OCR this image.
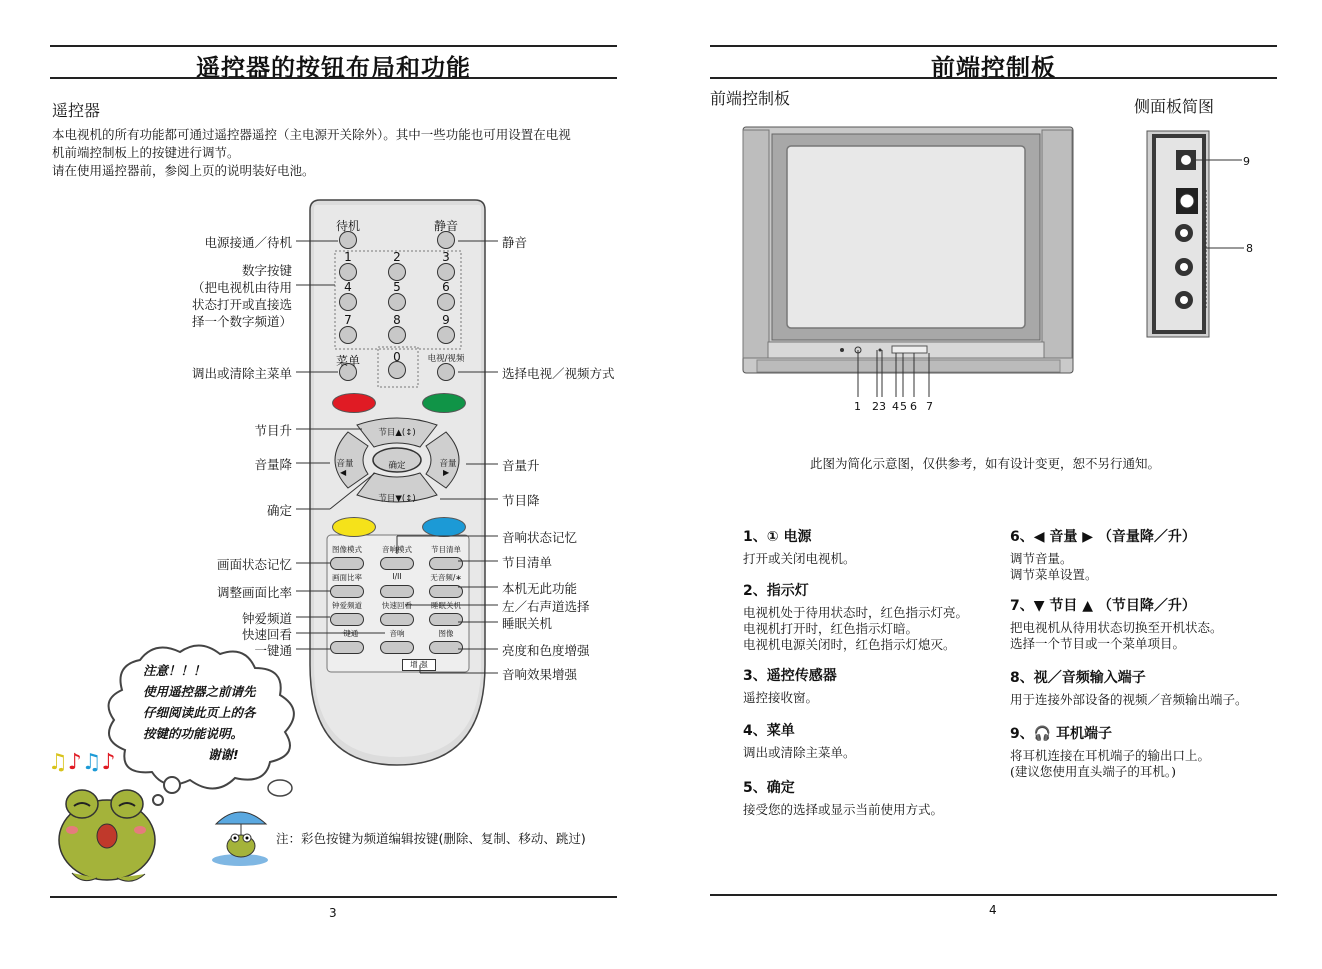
遥控器的按钮布局和功能
遥控器
本电视机的所有功能都可通过遥控器遥控（主电源开关除外）。其中一些功能也可用设置在电视
机前端控制板上的按键进行调节。
请在使用遥控器前，参阅上页的说明装好电池。
待机	静音
1	2	3
4	5	6
7	8	9
0
菜单	电视/视频
节目▲(↕)
节目▼(↕)
音量	音量
确定
◀	▶
图像模式	音响模式	节目清单
画面比率	I/II	无音频/∗
钟爱频道	快速回看	睡眠关机
一键通	音响	图像
增 强
电源接通／待机
数字按键
（把电视机由待用
状态打开或直接选
择一个数字频道）
调出或清除主菜单
节目升
音量降
确定
画面状态记忆
调整画面比率
钟爱频道
快速回看
一键通
静音
选择电视／视频方式
音量升
节目降
音响状态记忆
节目清单
本机无此功能
左／右声道选择
睡眠关机
亮度和色度增强
音响效果增强
注意！！！
使用遥控器之前请先
仔细阅读此页上的各
按键的功能说明。
谢谢!
♫♪♫♪
注：彩色按键为频道编辑按键(删除、复制、移动、跳过)
3
前端控制板
前端控制板	侧面板简图
1 23 4 5 6 7
9
8
此图为简化示意图，仅供参考，如有设计变更，恕不另行通知。
1、① 电源
打开或关闭电视机。
2、指示灯
电视机处于待用状态时，红色指示灯亮。
电视机打开时，红色指示灯暗。
电视机电源关闭时，红色指示灯熄灭。
3、遥控传感器
遥控接收窗。
4、菜单
调出或清除主菜单。
5、确定
接受您的选择或显示当前使用方式。
6、◀ 音量 ▶ （音量降／升）
调节音量。
调节菜单设置。
7、▼ 节目 ▲ （节目降／升）
把电视机从待用状态切换至开机状态。
选择一个节目或一个菜单项目。
8、视／音频输入端子
用于连接外部设备的视频／音频输出端子。
9、🎧 耳机端子
将耳机连接在耳机端子的输出口上。
(建议您使用直头端子的耳机。)
4
